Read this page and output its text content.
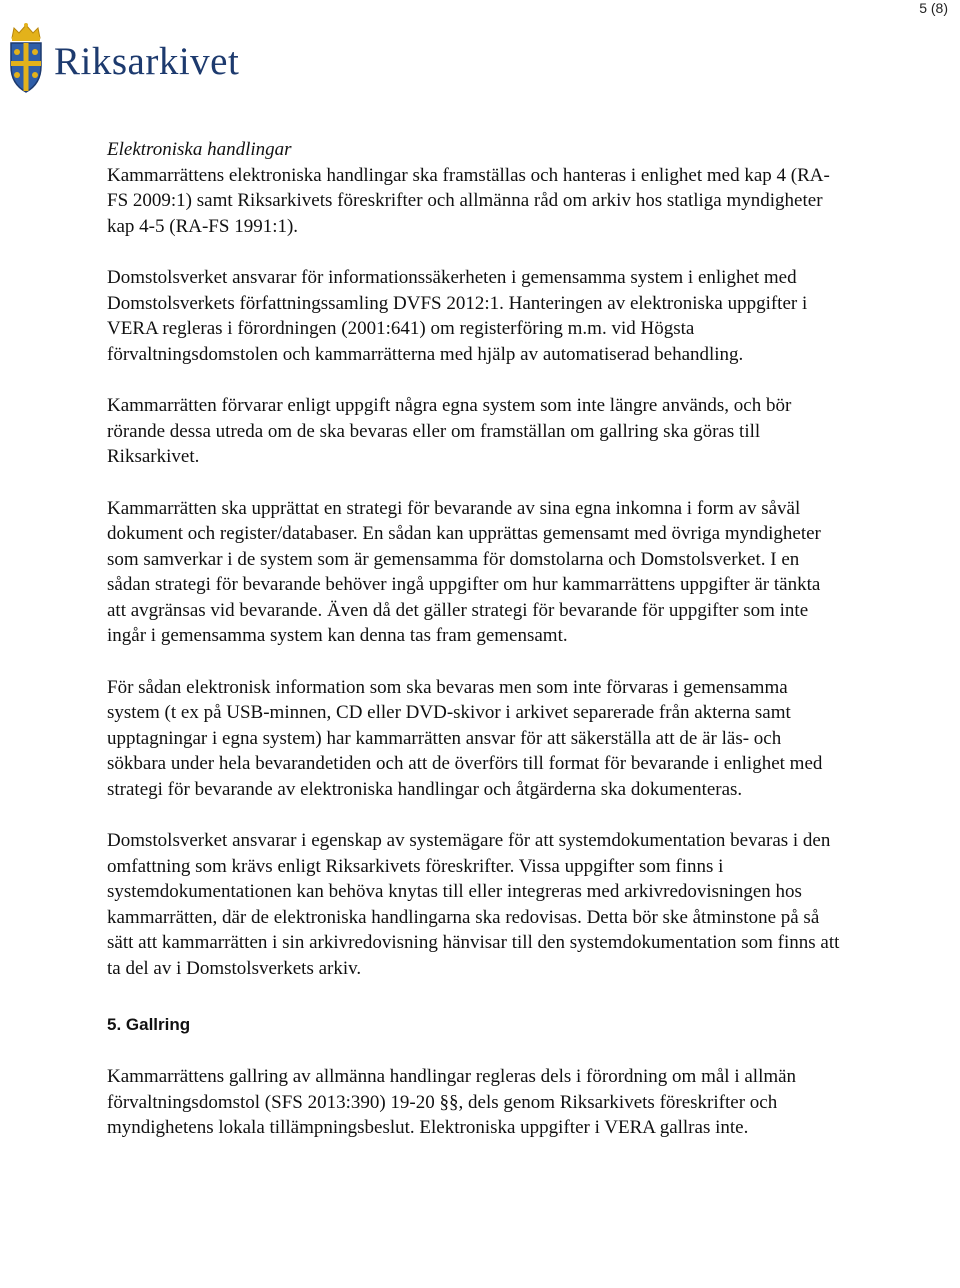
5 (8)
Riksarkivet

Elektroniska handlingar
Kammarrättens elektroniska handlingar ska framställas och hanteras i enlighet med kap 4 (RA-FS 2009:1) samt Riksarkivets föreskrifter och allmänna råd om arkiv hos statliga myndigheter kap 4-5 (RA-FS 1991:1).

Domstolsverket ansvarar för informationssäkerheten i gemensamma system i enlighet med Domstolsverkets författningssamling DVFS 2012:1. Hanteringen av elektroniska uppgifter i VERA regleras i förordningen (2001:641) om registerföring m.m. vid Högsta förvaltningsdomstolen och kammarrätterna med hjälp av automatiserad behandling.

Kammarrätten förvarar enligt uppgift några egna system som inte längre används, och bör rörande dessa utreda om de ska bevaras eller om framställan om gallring ska göras till Riksarkivet.

Kammarrätten ska upprättat en strategi för bevarande av sina egna inkomna i form av såväl dokument och register/databaser. En sådan kan upprättas gemensamt med övriga myndigheter som samverkar i de system som är gemensamma för domstolarna och Domstolsverket. I en sådan strategi för bevarande behöver ingå uppgifter om hur kammarrättens uppgifter är tänkta att avgränsas vid bevarande. Även då det gäller strategi för bevarande för uppgifter som inte ingår i gemensamma system kan denna tas fram gemensamt.

För sådan elektronisk information som ska bevaras men som inte förvaras i gemensamma system (t ex på USB-minnen, CD eller DVD-skivor i arkivet separerade från akterna samt upptagningar i egna system) har kammarrätten ansvar för att säkerställa att de är läs- och sökbara under hela bevarandetiden och att de överförs till format för bevarande i enlighet med strategi för bevarande av elektroniska handlingar och åtgärderna ska dokumenteras.

Domstolsverket ansvarar i egenskap av systemägare för att systemdokumentation bevaras i den omfattning som krävs enligt Riksarkivets föreskrifter. Vissa uppgifter som finns i systemdokumentationen kan behöva knytas till eller integreras med arkivredovisningen hos kammarrätten, där de elektroniska handlingarna ska redovisas. Detta bör ske åtminstone på så sätt att kammarrätten i sin arkivredovisning hänvisar till den systemdokumentation som finns att ta del av i Domstolsverkets arkiv.

5. Gallring

Kammarrättens gallring av allmänna handlingar regleras dels i förordning om mål i allmän förvaltningsdomstol (SFS 2013:390) 19-20 §§, dels genom Riksarkivets föreskrifter och myndighetens lokala tillämpningsbeslut. Elektroniska uppgifter i VERA gallras inte.
